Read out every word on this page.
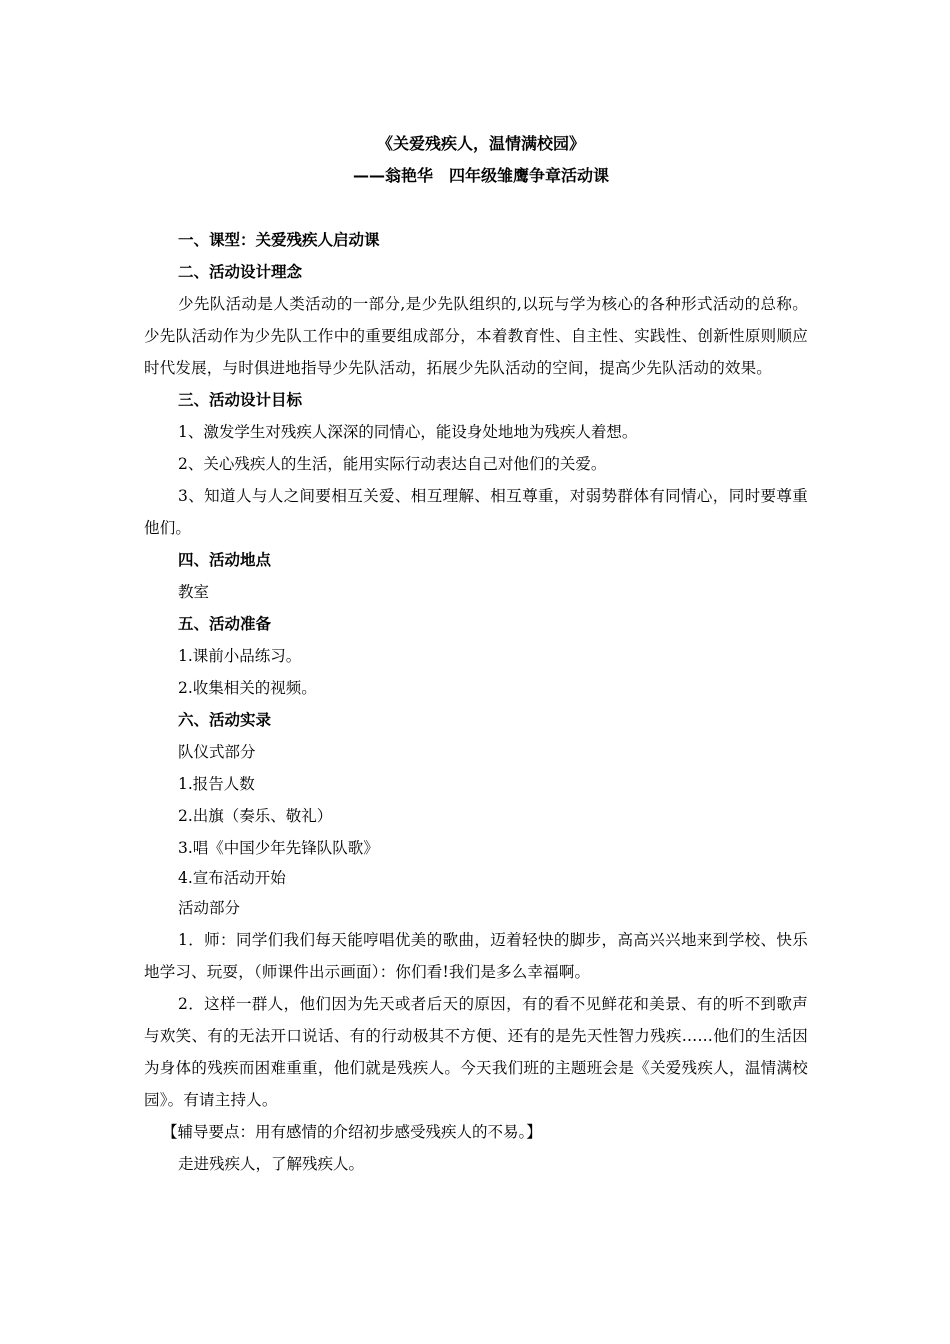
《关爱残疾人，温情满校园》
——翁艳华　四年级雏鹰争章活动课
一、课型：关爱残疾人启动课
二、活动设计理念
少先队活动是人类活动的一部分,是少先队组织的,以玩与学为核心的各种形式活动的总称。少先队活动作为少先队工作中的重要组成部分，本着教育性、自主性、实践性、创新性原则顺应时代发展，与时俱进地指导少先队活动，拓展少先队活动的空间，提高少先队活动的效果。
三、活动设计目标
1、激发学生对残疾人深深的同情心，能设身处地地为残疾人着想。
2、关心残疾人的生活，能用实际行动表达自己对他们的关爱。
3、知道人与人之间要相互关爱、相互理解、相互尊重，对弱势群体有同情心，同时要尊重他们。
四、活动地点
教室
五、活动准备
1.课前小品练习。
2.收集相关的视频。
六、活动实录
队仪式部分
1.报告人数
2.出旗（奏乐、敬礼）
3.唱《中国少年先锋队队歌》
4.宣布活动开始
活动部分
1．师：同学们我们每天能哼唱优美的歌曲，迈着轻快的脚步，高高兴兴地来到学校、快乐地学习、玩耍，（师课件出示画面）：你们看!我们是多么幸福啊。
2．这样一群人，他们因为先天或者后天的原因，有的看不见鲜花和美景、有的听不到歌声与欢笑、有的无法开口说话、有的行动极其不方便、还有的是先天性智力残疾……他们的生活因为身体的残疾而困难重重，他们就是残疾人。今天我们班的主题班会是《关爱残疾人，温情满校园》。有请主持人。
【辅导要点：用有感情的介绍初步感受残疾人的不易。】
走进残疾人，了解残疾人。
